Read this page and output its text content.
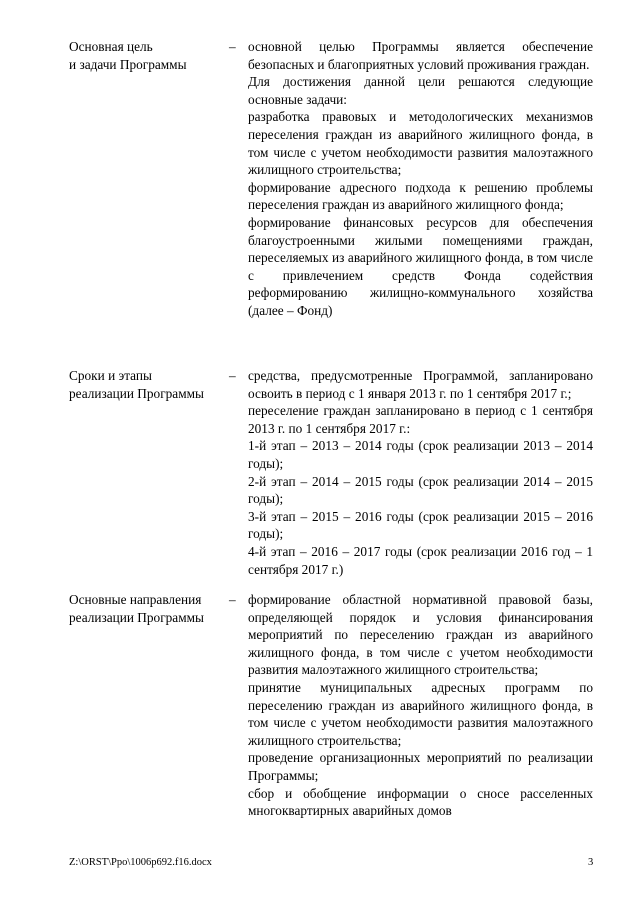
Основная цель
и задачи Программы
– основной целью Программы является обеспечение безопасных и благоприятных условий проживания граждан.
Для достижения данной цели решаются следующие основные задачи:
разработка правовых и методологических механизмов переселения граждан из аварийного жилищного фонда, в том числе с учетом необходимости развития малоэтажного жилищного строительства;
формирование адресного подхода к решению проблемы переселения граждан из аварийного жилищного фонда;
формирование финансовых ресурсов для обеспечения благоустроенными жилыми помещениями граждан, переселяемых из аварийного жилищного фонда, в том числе с привлечением средств Фонда содействия реформированию жилищно-коммунального хозяйства (далее – Фонд)
Сроки и этапы
реализации Программы
– средства, предусмотренные Программой, запланировано освоить в период с 1 января 2013 г. по 1 сентября 2017 г.;
переселение граждан запланировано в период с 1 сентября 2013 г. по 1 сентября 2017 г.:
1-й этап – 2013 – 2014 годы (срок реализации 2013 – 2014 годы);
2-й этап – 2014 – 2015 годы (срок реализации 2014 – 2015 годы);
3-й этап – 2015 – 2016 годы (срок реализации 2015 – 2016 годы);
4-й этап – 2016 – 2017 годы (срок реализации 2016 год – 1 сентября 2017 г.)
Основные направления
реализации Программы
– формирование областной нормативной правовой базы, определяющей порядок и условия финансирования мероприятий по переселению граждан из аварийного жилищного фонда, в том числе с учетом необходимости развития малоэтажного жилищного строительства;
принятие муниципальных адресных программ по переселению граждан из аварийного жилищного фонда, в том числе с учетом необходимости развития малоэтажного жилищного строительства;
проведение организационных мероприятий по реализации Программы;
сбор и обобщение информации о сносе расселенных многоквартирных аварийных домов
Z:\ORST\Ppo\1006p692.f16.docx	3
